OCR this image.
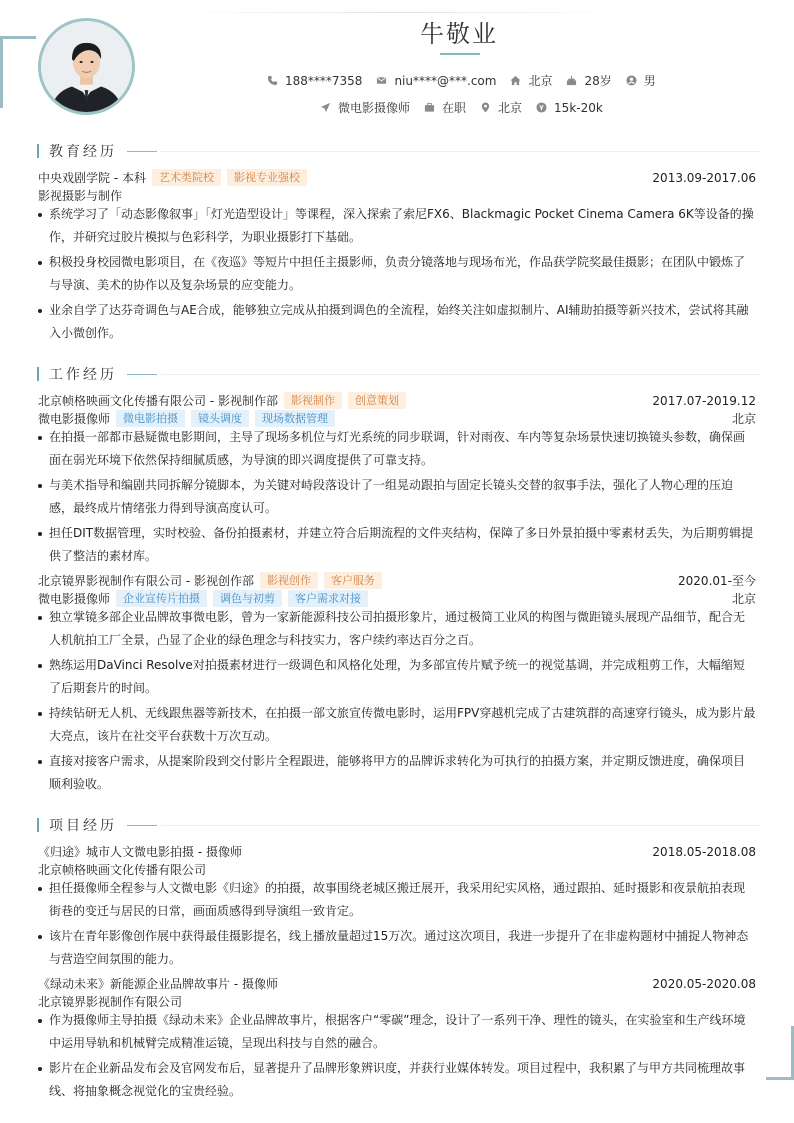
牛敬业
188****7358	niu****@***.com	北京	28岁	男
微电影摄像师	在职	北京	15k-20k
教育经历
中央戏剧学院 - 本科	艺术类院校	影视专业强校	2013.09-2017.06
影视摄影与制作
系统学习了「动态影像叙事」「灯光造型设计」等课程，深入探索了索尼FX6、Blackmagic Pocket Cinema Camera 6K等设备的操作，并研究过胶片模拟与色彩科学，为职业摄影打下基础。
积极投身校园微电影项目，在《夜巡》等短片中担任主摄影师，负责分镜落地与现场布光，作品获学院奖最佳摄影；在团队中锻炼了与导演、美术的协作以及复杂场景的应变能力。
业余自学了达芬奇调色与AE合成，能够独立完成从拍摄到调色的全流程，始终关注如虚拟制片、AI辅助拍摄等新兴技术，尝试将其融入小微创作。
工作经历
北京帧格映画文化传播有限公司 - 影视制作部	影视制作	创意策划	2017.07-2019.12
微电影摄像师	微电影拍摄	镜头调度	现场数据管理	北京
在拍摄一部都市悬疑微电影期间，主导了现场多机位与灯光系统的同步联调，针对雨夜、车内等复杂场景快速切换镜头参数，确保画面在弱光环境下依然保持细腻质感，为导演的即兴调度提供了可靠支持。
与美术指导和编剧共同拆解分镜脚本，为关键对峙段落设计了一组晃动跟拍与固定长镜头交替的叙事手法，强化了人物心理的压迫感，最终成片情绪张力得到导演高度认可。
担任DIT数据管理，实时校验、备份拍摄素材，并建立符合后期流程的文件夹结构，保障了多日外景拍摄中零素材丢失，为后期剪辑提供了整洁的素材库。
北京镜界影视制作有限公司 - 影视创作部	影视创作	客户服务	2020.01-至今
微电影摄像师	企业宣传片拍摄	调色与初剪	客户需求对接	北京
独立掌镜多部企业品牌故事微电影，曾为一家新能源科技公司拍摄形象片，通过极简工业风的构图与微距镜头展现产品细节，配合无人机航拍工厂全景，凸显了企业的绿色理念与科技实力，客户续约率达百分之百。
熟练运用DaVinci Resolve对拍摄素材进行一级调色和风格化处理，为多部宣传片赋予统一的视觉基调，并完成粗剪工作，大幅缩短了后期套片的时间。
持续钻研无人机、无线跟焦器等新技术，在拍摄一部文旅宣传微电影时，运用FPV穿越机完成了古建筑群的高速穿行镜头，成为影片最大亮点，该片在社交平台获数十万次互动。
直接对接客户需求，从提案阶段到交付影片全程跟进，能够将甲方的品牌诉求转化为可执行的拍摄方案，并定期反馈进度，确保项目顺利验收。
项目经历
《归途》城市人文微电影拍摄 - 摄像师	2018.05-2018.08
北京帧格映画文化传播有限公司
担任摄像师全程参与人文微电影《归途》的拍摄，故事围绕老城区搬迁展开，我采用纪实风格，通过跟拍、延时摄影和夜景航拍表现街巷的变迁与居民的日常，画面质感得到导演组一致肯定。
该片在青年影像创作展中获得最佳摄影提名，线上播放量超过15万次。通过这次项目，我进一步提升了在非虚构题材中捕捉人物神态与营造空间氛围的能力。
《绿动未来》新能源企业品牌故事片 - 摄像师	2020.05-2020.08
北京镜界影视制作有限公司
作为摄像师主导拍摄《绿动未来》企业品牌故事片，根据客户“零碳”理念，设计了一系列干净、理性的镜头，在实验室和生产线环境中运用导轨和机械臂完成精准运镜，呈现出科技与自然的融合。
影片在企业新品发布会及官网发布后，显著提升了品牌形象辨识度，并获行业媒体转发。项目过程中，我积累了与甲方共同梳理故事线、将抽象概念视觉化的宝贵经验。
